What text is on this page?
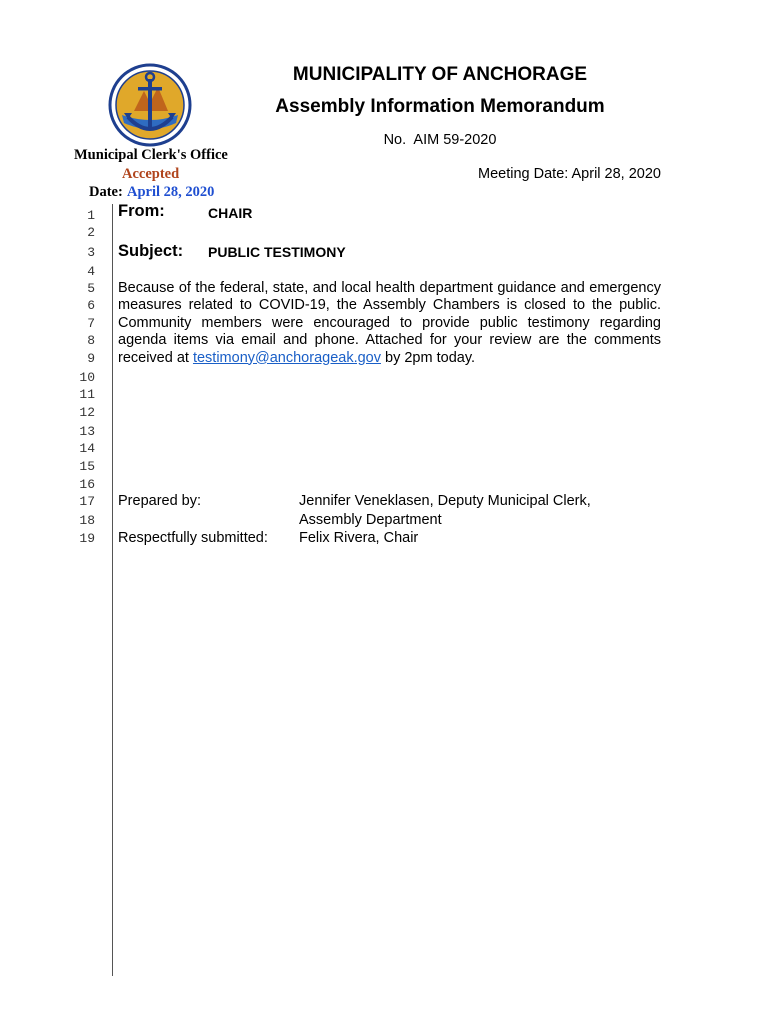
MUNICIPALITY OF ANCHORAGE
Assembly Information Memorandum
No.  AIM 59-2020
Meeting Date: April 28, 2020
Municipal Clerk's Office
Accepted
Date: April 28, 2020
1
2
3
4
5
6
7
8
9
10
11
12
13
14
15
16
17
18
19
From:	CHAIR
Subject: PUBLIC TESTIMONY
Because of the federal, state, and local health department guidance and emergency measures related to COVID-19, the Assembly Chambers is closed to the public. Community members were encouraged to provide public testimony regarding agenda items via email and phone. Attached for your review are the comments received at testimony@anchorageak.gov by 2pm today.
Prepared by:	Jennifer Veneklasen, Deputy Municipal Clerk,
Assembly Department
Respectfully submitted: Felix Rivera, Chair
